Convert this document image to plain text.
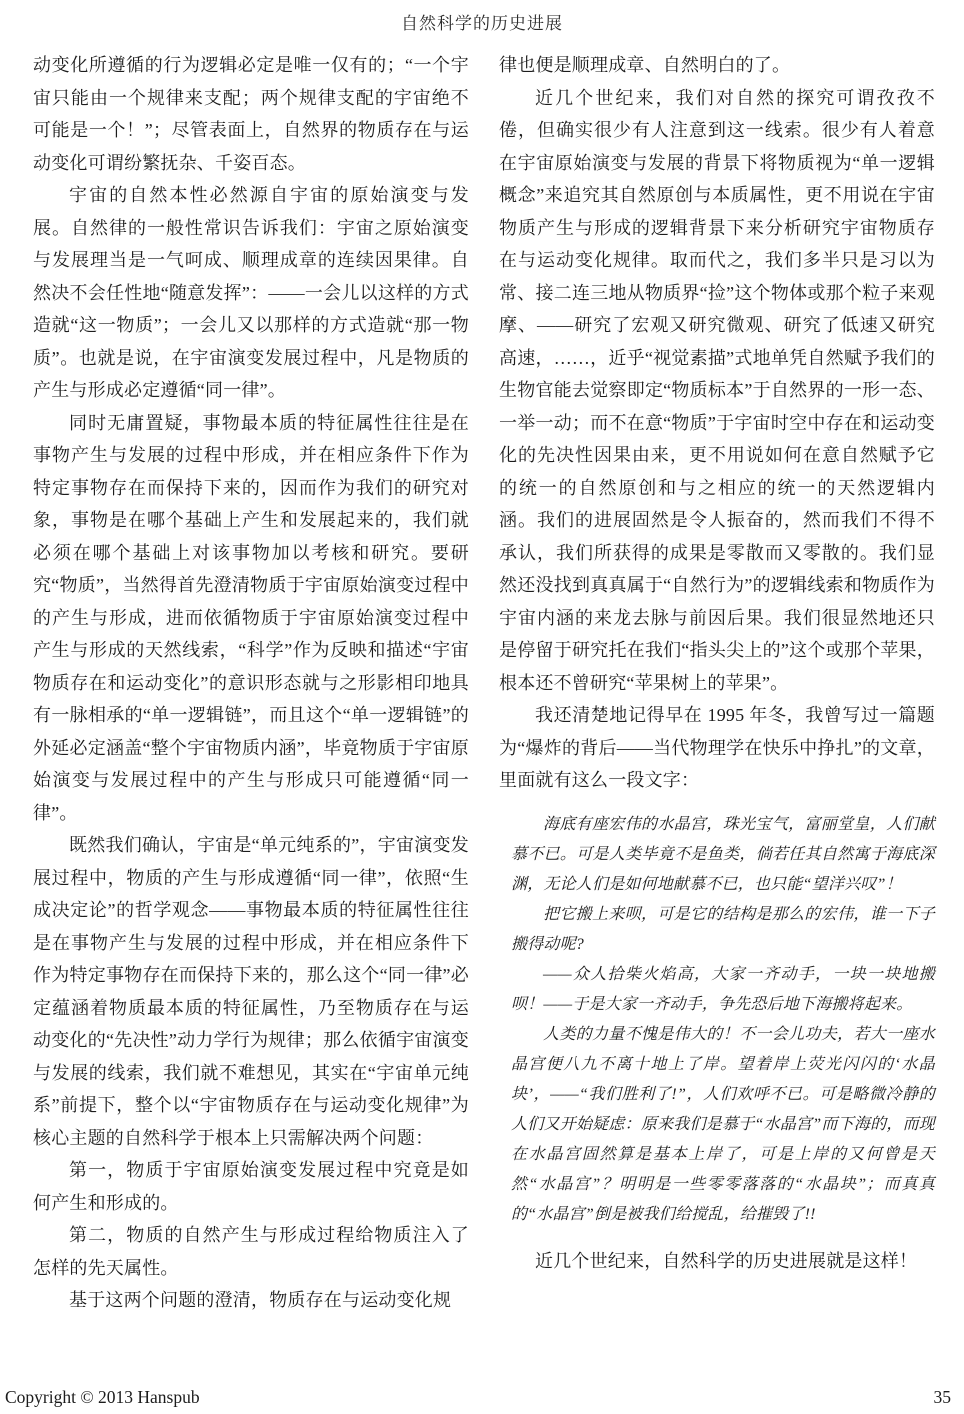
自然科学的历史进展

动变化所遵循的行为逻辑必定是唯一仅有的；“一个宇宙只能由一个规律来支配；两个规律支配的宇宙绝不可能是一个！”；尽管表面上，自然界的物质存在与运动变化可谓纷繁抚杂、千姿百态。

宇宙的自然本性必然源自宇宙的原始演变与发展。自然律的一般性常识告诉我们：宇宙之原始演变与发展理当是一气呵成、顺理成章的连续因果律。自然决不会任性地“随意发挥”：——一会儿以这样的方式造就“这一物质”；一会儿又以那样的方式造就“那一物质”。也就是说，在宇宙演变发展过程中，凡是物质的产生与形成必定遵循“同一律”。

同时无庸置疑，事物最本质的特征属性往往是在事物产生与发展的过程中形成，并在相应条件下作为特定事物存在而保持下来的，因而作为我们的研究对象，事物是在哪个基础上产生和发展起来的，我们就必须在哪个基础上对该事物加以考核和研究。要研究“物质”，当然得首先澄清物质于宇宙原始演变过程中的产生与形成，进而依循物质于宇宙原始演变过程中产生与形成的天然线索，“科学”作为反映和描述“宇宙物质存在和运动变化”的意识形态就与之形影相印地具有一脉相承的“单一逻辑链”，而且这个“单一逻辑链”的外延必定涵盖“整个宇宙物质内涵”，毕竟物质于宇宙原始演变与发展过程中的产生与形成只可能遵循“同一律”。

既然我们确认，宇宙是“单元纯系的”，宇宙演变发展过程中，物质的产生与形成遵循“同一律”，依照“生成决定论”的哲学观念——事物最本质的特征属性往往是在事物产生与发展的过程中形成，并在相应条件下作为特定事物存在而保持下来的，那么这个“同一律”必定蕴涵着物质最本质的特征属性，乃至物质存在与运动变化的“先决性”动力学行为规律；那么依循宇宙演变与发展的线索，我们就不难想见，其实在“宇宙单元纯系”前提下，整个以“宇宙物质存在与运动变化规律”为核心主题的自然科学于根本上只需解决两个问题：

第一，物质于宇宙原始演变发展过程中究竟是如何产生和形成的。

第二，物质的自然产生与形成过程给物质注入了怎样的先天属性。

基于这两个问题的澄清，物质存在与运动变化规

律也便是顺理成章、自然明白的了。

近几个世纪来，我们对自然的探究可谓孜孜不倦，但确实很少有人注意到这一线索。很少有人着意在宇宙原始演变与发展的背景下将物质视为“单一逻辑概念”来追究其自然原创与本质属性，更不用说在宇宙物质产生与形成的逻辑背景下来分析研究宇宙物质存在与运动变化规律。取而代之，我们多半只是习以为常、接二连三地从物质界“捡”这个物体或那个粒子来观摩、——研究了宏观又研究微观、研究了低速又研究高速，……，近乎“视觉素描”式地单凭自然赋予我们的生物官能去觉察即定“物质标本”于自然界的一形一态、一举一动；而不在意“物质”于宇宙时空中存在和运动变化的先决性因果由来，更不用说如何在意自然赋予它的统一的自然原创和与之相应的统一的天然逻辑内涵。我们的进展固然是令人振奋的，然而我们不得不承认，我们所获得的成果是零散而又零散的。我们显然还没找到真真属于“自然行为”的逻辑线索和物质作为宇宙内涵的来龙去脉与前因后果。我们很显然地还只是停留于研究托在我们“指头尖上的”这个或那个苹果，根本还不曾研究“苹果树上的苹果”。

我还清楚地记得早在 1995 年冬，我曾写过一篇题为“爆炸的背后——当代物理学在快乐中挣扎”的文章，里面就有这么一段文字：

海底有座宏伟的水晶宫，珠光宝气，富丽堂皇，人们献慕不已。可是人类毕竟不是鱼类，倘若任其自然寓于海底深渊，无论人们是如何地献慕不已，也只能“望洋兴叹”！

把它搬上来呗，可是它的结构是那么的宏伟，谁一下子搬得动呢?

——众人拾柴火焰高，大家一齐动手，一块一块地搬呗！——于是大家一齐动手，争先恐后地下海搬将起来。

人类的力量不愧是伟大的！不一会儿功夫，若大一座水晶宫便八九不离十地上了岸。望着岸上荧光闪闪的‘水晶块’，——“我们胜利了!”，人们欢呼不已。可是略微冷静的人们又开始疑虑：原来我们是慕于“水晶宫”而下海的，而现在水晶宫固然算是基本上岸了，可是上岸的又何曾是天然“水晶宫”？明明是一些零零落落的“水晶块”；而真真的“水晶宫”倒是被我们给搅乱，给摧毁了!!

近几个世纪来，自然科学的历史进展就是这样！

Copyright © 2013 Hanspub	35
